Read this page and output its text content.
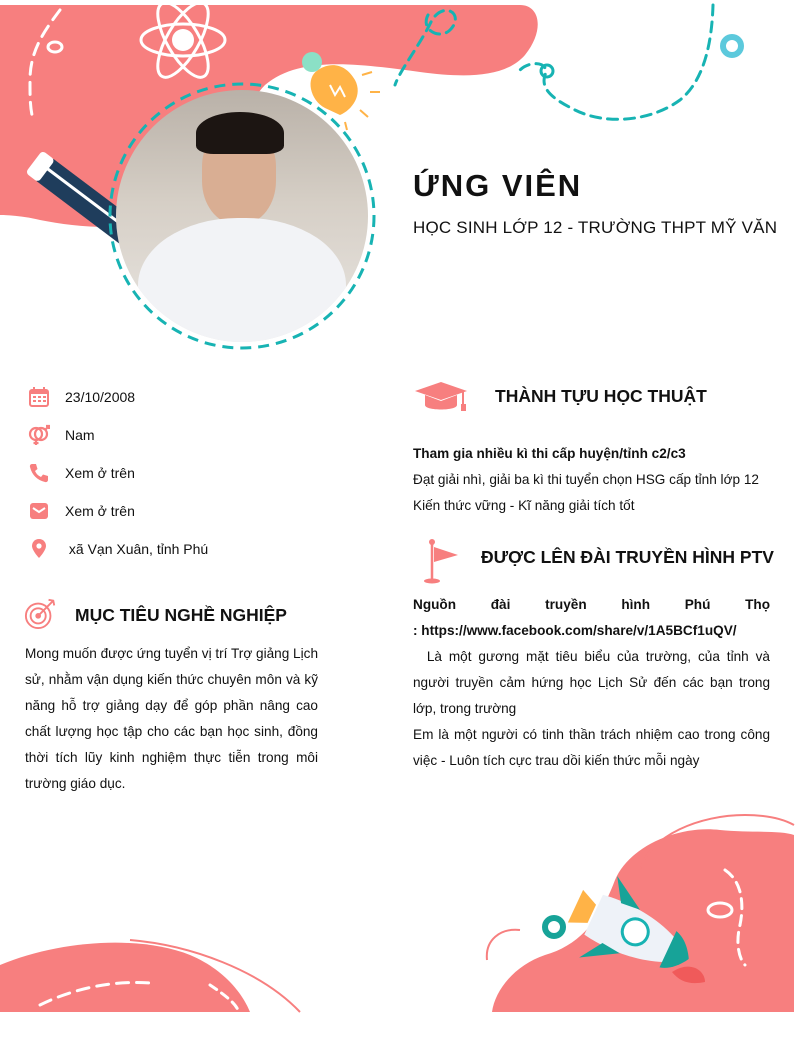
ỨNG VIÊN
HỌC SINH LỚP 12 - TRƯỜNG THPT MỸ VĂN
23/10/2008
Nam
Xem ở trên
Xem ở trên
xã Vạn Xuân, tỉnh Phú
MỤC TIÊU NGHỀ NGHIỆP
Mong muốn được ứng tuyển vị trí Trợ giảng Lịch sử, nhằm vận dụng kiến thức chuyên môn và kỹ năng hỗ trợ giảng dạy để góp phần nâng cao chất lượng học tập cho các bạn học sinh, đồng thời tích lũy kinh nghiệm thực tiễn trong môi trường giáo dục.
THÀNH TỰU HỌC THUẬT

Tham gia nhiều kì thi cấp huyện/tỉnh c2/c3

Đạt giải nhì, giải ba kì thi tuyển chọn HSG cấp tỉnh lớp 12

Kiến thức vững - Kĩ năng giải tích tốt

ĐƯỢC LÊN ĐÀI TRUYỀN HÌNH PTV

Nguồn đài truyền hình Phú Thọ

: https://www.facebook.com/share/v/1A5BCf1uQV/

Là một gương mặt tiêu biểu của trường, của tỉnh và người truyền cảm hứng học Lịch Sử đến các bạn trong lớp, trong trường

Em là một người có tinh thần trách nhiệm cao trong công việc - Luôn tích cực trau dồi kiến thức mỗi ngày
